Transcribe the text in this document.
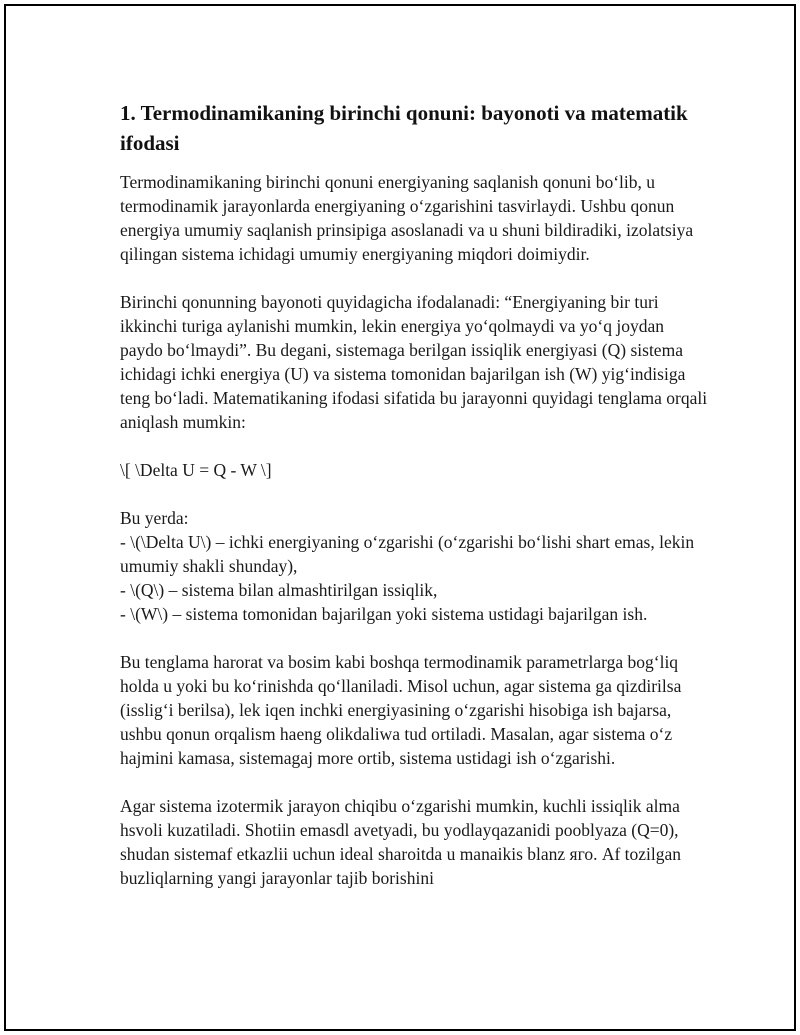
1. Termodinamikaning birinchi qonuni: bayonoti va matematik ifodasi

Termodinamikaning birinchi qonuni energiyaning saqlanish qonuni bo‘lib, u termodinamik jarayonlarda energiyaning o‘zgarishini tasvirlaydi. Ushbu qonun energiya umumiy saqlanish prinsipiga asoslanadi va u shuni bildiradiki, izolatsiya qilingan sistema ichidagi umumiy energiyaning miqdori doimiydir.

Birinchi qonunning bayonoti quyidagicha ifodalanadi: “Energiyaning bir turi ikkinchi turiga aylanishi mumkin, lekin energiya yo‘qolmaydi va yo‘q joydan paydo bo‘lmaydi”. Bu degani, sistemaga berilgan issiqlik energiyasi (Q) sistema ichidagi ichki energiya (U) va sistema tomonidan bajarilgan ish (W) yig‘indisiga teng bo‘ladi. Matematikaning ifodasi sifatida bu jarayonni quyidagi tenglama orqali aniqlash mumkin:

\[ \Delta U = Q - W \]

Bu yerda:
- \(\Delta U\) – ichki energiyaning o‘zgarishi (o‘zgarishi bo‘lishi shart emas, lekin umumiy shakli shunday),
- \(Q\) – sistema bilan almashtirilgan issiqlik,
- \(W\) – sistema tomonidan bajarilgan yoki sistema ustidagi bajarilgan ish.

Bu tenglama harorat va bosim kabi boshqa termodinamik parametrlarga bog‘liq holda u yoki bu ko‘rinishda qo‘llaniladi. Misol uchun, agar sistema ga qizdirilsa (isslig‘i berilsa), lek iqen inchki energiyasining o‘zgarishi hisobiga ish bajarsa, ushbu qonun orqalism haeng olikdaliwa tud ortiladi. Masalan, agar sistema o‘z hajmini kamasa, sistemagaj more ortib, sistema ustidagi ish o‘zgarishi.

Agar sistema izotermik jarayon chiqibu o‘zgarishi mumkin, kuchli issiqlik alma hsvoli kuzatiladi. Shotiin emasdl avetyadi, bu yodlayqazanidi pooblyaza (Q=0), shudan sistemaf etkazlii uchun ideal sharoitda u manaikis blanz яго. Af tozilgan buzliqlarning yangi jarayonlar tajib borishini
